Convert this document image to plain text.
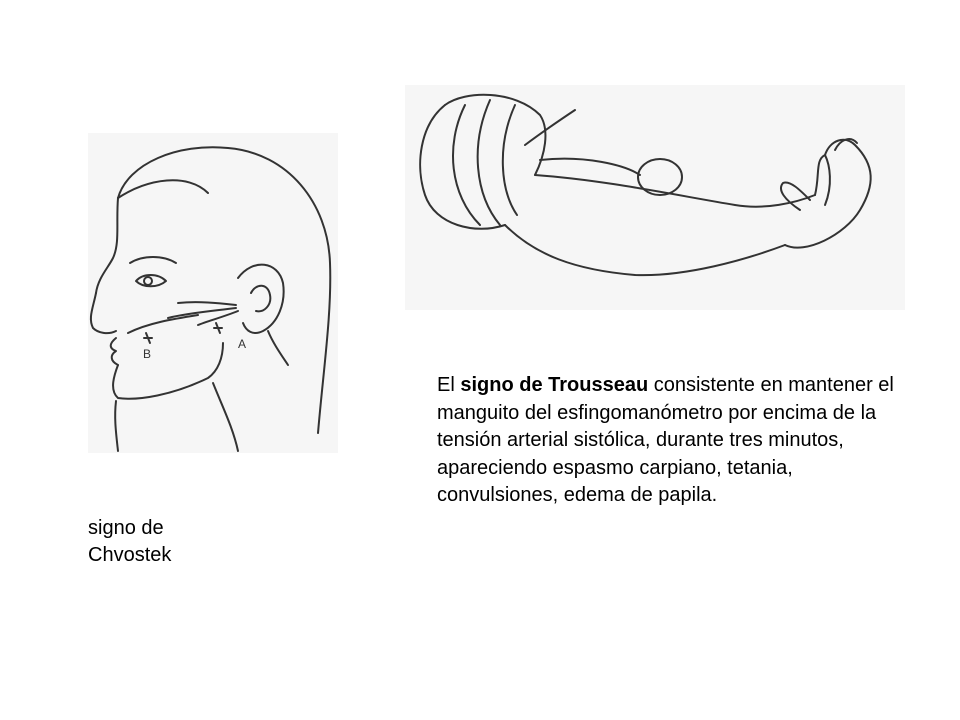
B
A
signo de
Chvostek
El signo de Trousseau consistente en mantener el manguito del esfingomanómetro por encima de la tensión arterial sistólica, durante tres minutos, apareciendo espasmo carpiano, tetania, convulsiones, edema de papila.
